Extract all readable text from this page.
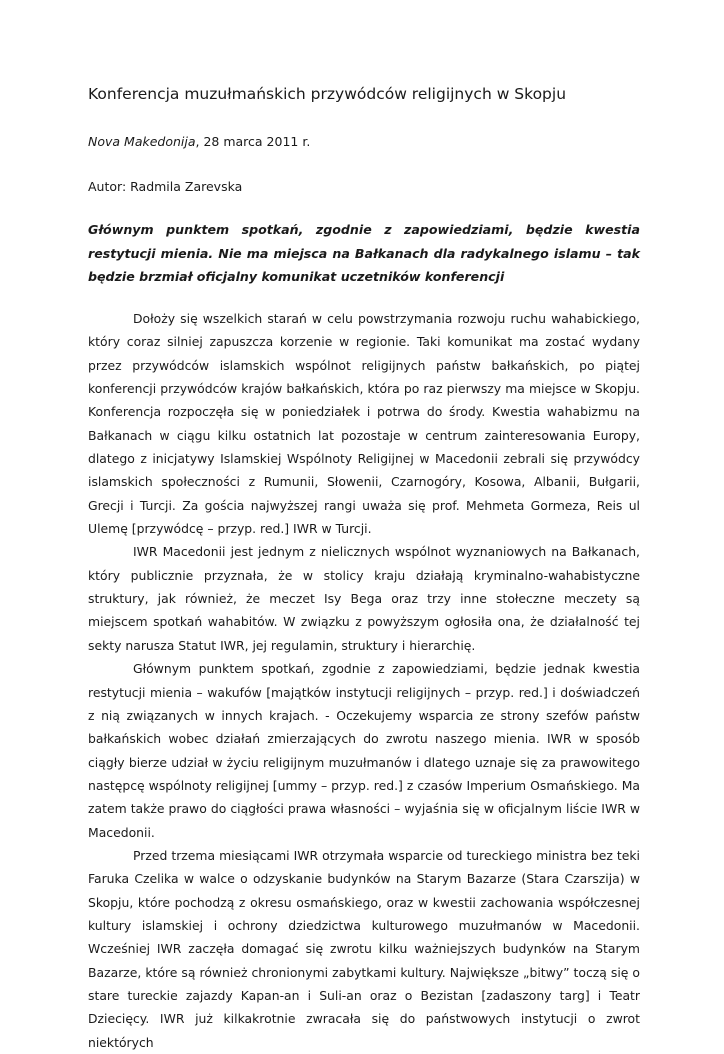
Konferencja muzułmańskich przywódców religijnych w Skopju

Nova Makedonija, 28 marca 2011 r.

Autor: Radmila Zarevska

Głównym punktem spotkań, zgodnie z zapowiedziami, będzie kwestia restytucji mienia. Nie ma miejsca na Bałkanach dla radykalnego islamu – tak będzie brzmiał oficjalny komunikat uczetników konferencji

Dołoży się wszelkich starań w celu powstrzymania rozwoju ruchu wahabickiego, który coraz silniej zapuszcza korzenie w regionie. Taki komunikat ma zostać wydany przez przywódców islamskich wspólnot religijnych państw bałkańskich, po piątej konferencji przywódców krajów bałkańskich, która po raz pierwszy ma miejsce w Skopju. Konferencja rozpoczęła się w poniedziałek i potrwa do środy. Kwestia wahabizmu na Bałkanach w ciągu kilku ostatnich lat pozostaje w centrum zainteresowania Europy, dlatego z inicjatywy Islamskiej Wspólnoty Religijnej w Macedonii zebrali się przywódcy islamskich społeczności z Rumunii, Słowenii, Czarnogóry, Kosowa, Albanii, Bułgarii, Grecji i Turcji. Za gościa najwyższej rangi uważa się prof. Mehmeta Gormeza, Reis ul Ulemę [przywódcę – przyp. red.] IWR w Turcji.

IWR Macedonii jest jednym z nielicznych wspólnot wyznaniowych na Bałkanach, który publicznie przyznała, że w stolicy kraju działają kryminalno-wahabistyczne struktury, jak również, że meczet Isy Bega oraz trzy inne stołeczne meczety są miejscem spotkań wahabitów. W związku z powyższym ogłosiła ona, że działalność tej sekty narusza Statut IWR, jej regulamin, struktury i hierarchię.

Głównym punktem spotkań, zgodnie z zapowiedziami, będzie jednak kwestia restytucji mienia – wakufów [majątków instytucji religijnych – przyp. red.] i doświadczeń z nią związanych w innych krajach. - Oczekujemy wsparcia ze strony szefów państw bałkańskich wobec działań zmierzających do zwrotu naszego mienia. IWR w sposób ciągły bierze udział w życiu religijnym muzułmanów i dlatego uznaje się za prawowitego następcę wspólnoty religijnej [ummy – przyp. red.] z czasów Imperium Osmańskiego. Ma zatem także prawo do ciągłości prawa własności – wyjaśnia się w oficjalnym liście IWR w Macedonii.

Przed trzema miesiącami IWR otrzymała wsparcie od tureckiego ministra bez teki Faruka Czelika w walce o odzyskanie budynków na Starym Bazarze (Stara Czarszija) w Skopju, które pochodzą z okresu osmańskiego, oraz w kwestii zachowania współczesnej kultury islamskiej i ochrony dziedzictwa kulturowego muzułmanów w Macedonii. Wcześniej IWR zaczęła domagać się zwrotu kilku ważniejszych budynków na Starym Bazarze, które są również chronionymi zabytkami kultury. Największe „bitwy” toczą się o stare tureckie zajazdy Kapan-an i Suli-an oraz o Bezistan [zadaszony targ] i Teatr Dziecięcy. IWR już kilkakrotnie zwracała się do państwowych instytucji o zwrot niektórych
